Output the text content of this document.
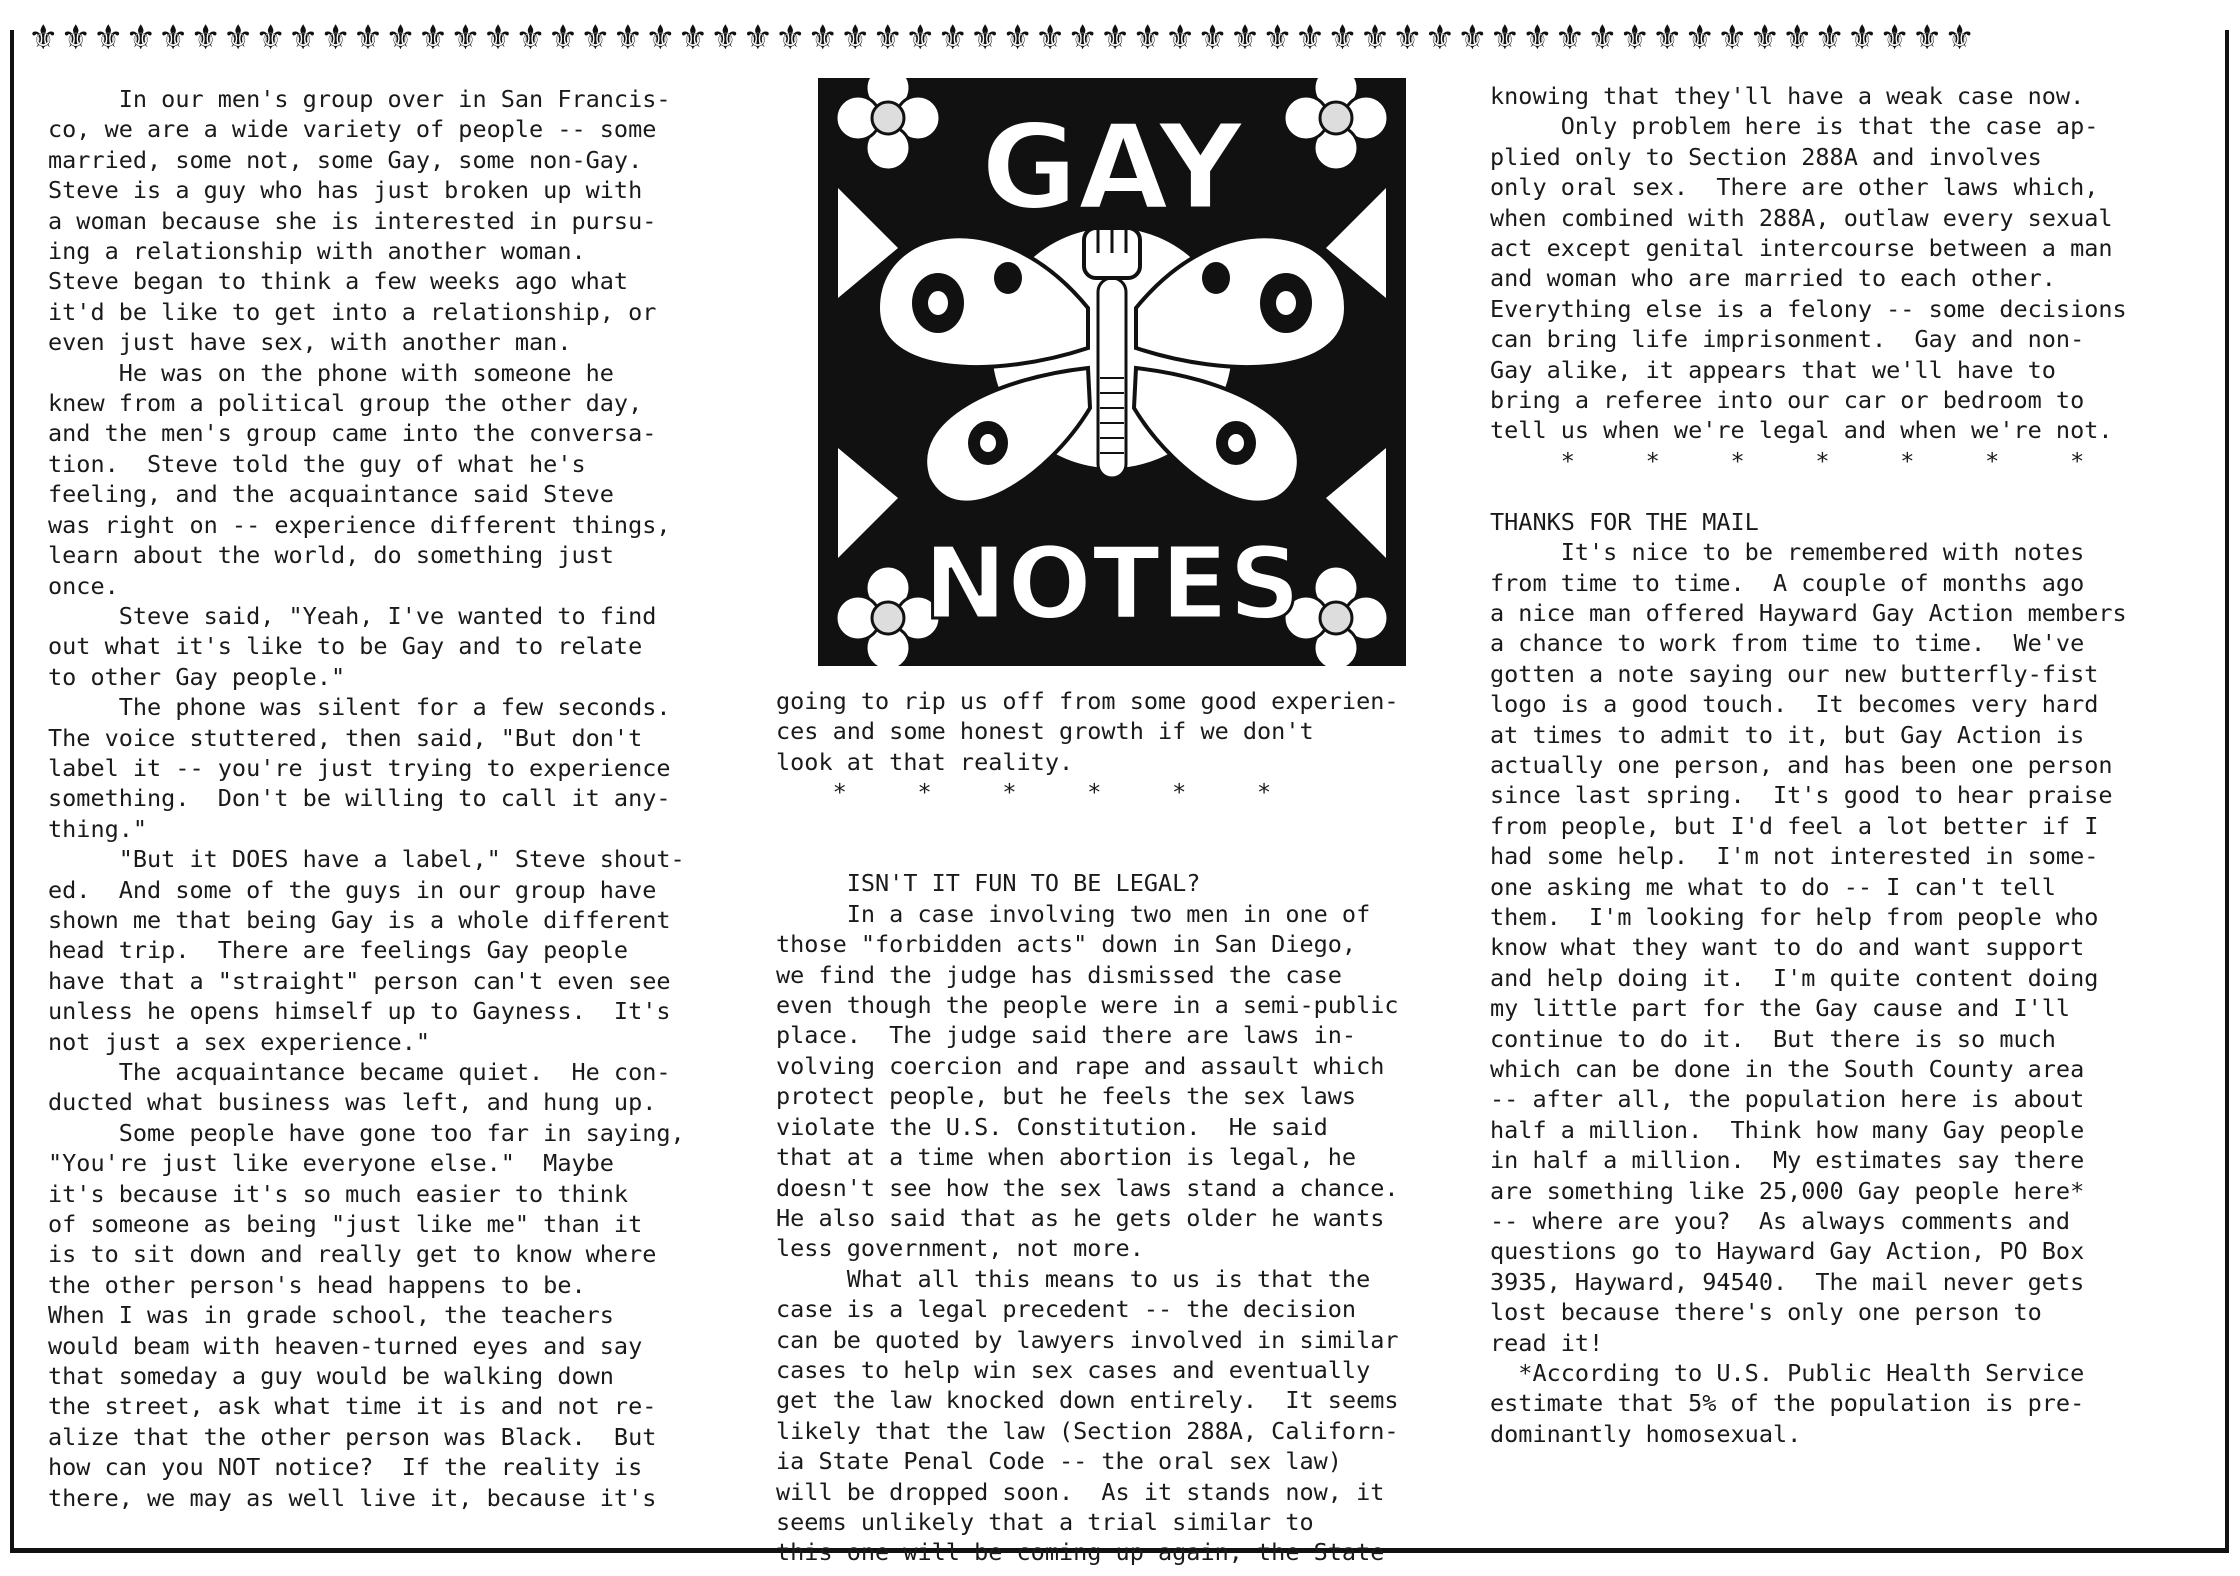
⚜⚜⚜⚜⚜⚜⚜⚜⚜⚜⚜⚜⚜⚜⚜⚜⚜⚜⚜⚜⚜⚜⚜⚜⚜⚜⚜⚜⚜⚜⚜⚜⚜⚜⚜⚜⚜⚜⚜⚜⚜⚜⚜⚜⚜⚜⚜⚜⚜⚜⚜⚜⚜⚜⚜⚜⚜⚜⚜⚜
In our men's group over in San Francis-
co, we are a wide variety of people -- some
married, some not, some Gay, some non-Gay.
Steve is a guy who has just broken up with
a woman because she is interested in pursu-
ing a relationship with another woman.
Steve began to think a few weeks ago what
it'd be like to get into a relationship, or
even just have sex, with another man.
He was on the phone with someone he
knew from a political group the other day,
and the men's group came into the conversa-
tion.  Steve told the guy of what he's
feeling, and the acquaintance said Steve
was right on -- experience different things,
learn about the world, do something just
once.
Steve said, "Yeah, I've wanted to find
out what it's like to be Gay and to relate
to other Gay people."
The phone was silent for a few seconds.
The voice stuttered, then said, "But don't
label it -- you're just trying to experience
something.  Don't be willing to call it any-
thing."
"But it DOES have a label," Steve shout-
ed.  And some of the guys in our group have
shown me that being Gay is a whole different
head trip.  There are feelings Gay people
have that a "straight" person can't even see
unless he opens himself up to Gayness.  It's
not just a sex experience."
The acquaintance became quiet.  He con-
ducted what business was left, and hung up.
Some people have gone too far in saying,
"You're just like everyone else."  Maybe
it's because it's so much easier to think
of someone as being "just like me" than it
is to sit down and really get to know where
the other person's head happens to be.
When I was in grade school, the teachers
would beam with heaven-turned eyes and say
that someday a guy would be walking down
the street, ask what time it is and not re-
alize that the other person was Black.  But
how can you NOT notice?  If the reality is
there, we may as well live it, because it's
GAY
NOTES
going to rip us off from some good experien-
ces and some honest growth if we don't
look at that reality.
*     *     *     *     *     *

ISN'T IT FUN TO BE LEGAL?
In a case involving two men in one of
those "forbidden acts" down in San Diego,
we find the judge has dismissed the case
even though the people were in a semi-public
place.  The judge said there are laws in-
volving coercion and rape and assault which
protect people, but he feels the sex laws
violate the U.S. Constitution.  He said
that at a time when abortion is legal, he
doesn't see how the sex laws stand a chance.
He also said that as he gets older he wants
less government, not more.
What all this means to us is that the
case is a legal precedent -- the decision
can be quoted by lawyers involved in similar
cases to help win sex cases and eventually
get the law knocked down entirely.  It seems
likely that the law (Section 288A, Californ-
ia State Penal Code -- the oral sex law)
will be dropped soon.  As it stands now, it
seems unlikely that a trial similar to
this one will be coming up again, the State
knowing that they'll have a weak case now.
Only problem here is that the case ap-
plied only to Section 288A and involves
only oral sex.  There are other laws which,
when combined with 288A, outlaw every sexual
act except genital intercourse between a man
and woman who are married to each other.
Everything else is a felony -- some decisions
can bring life imprisonment.  Gay and non-
Gay alike, it appears that we'll have to
bring a referee into our car or bedroom to
tell us when we're legal and when we're not.
*     *     *     *     *     *     *

THANKS FOR THE MAIL
It's nice to be remembered with notes
from time to time.  A couple of months ago
a nice man offered Hayward Gay Action members
a chance to work from time to time.  We've
gotten a note saying our new butterfly-fist
logo is a good touch.  It becomes very hard
at times to admit to it, but Gay Action is
actually one person, and has been one person
since last spring.  It's good to hear praise
from people, but I'd feel a lot better if I
had some help.  I'm not interested in some-
one asking me what to do -- I can't tell
them.  I'm looking for help from people who
know what they want to do and want support
and help doing it.  I'm quite content doing
my little part for the Gay cause and I'll
continue to do it.  But there is so much
which can be done in the South County area
-- after all, the population here is about
half a million.  Think how many Gay people
in half a million.  My estimates say there
are something like 25,000 Gay people here*
-- where are you?  As always comments and
questions go to Hayward Gay Action, PO Box
3935, Hayward, 94540.  The mail never gets
lost because there's only one person to
read it!
*According to U.S. Public Health Service
estimate that 5% of the population is pre-
dominantly homosexual.
